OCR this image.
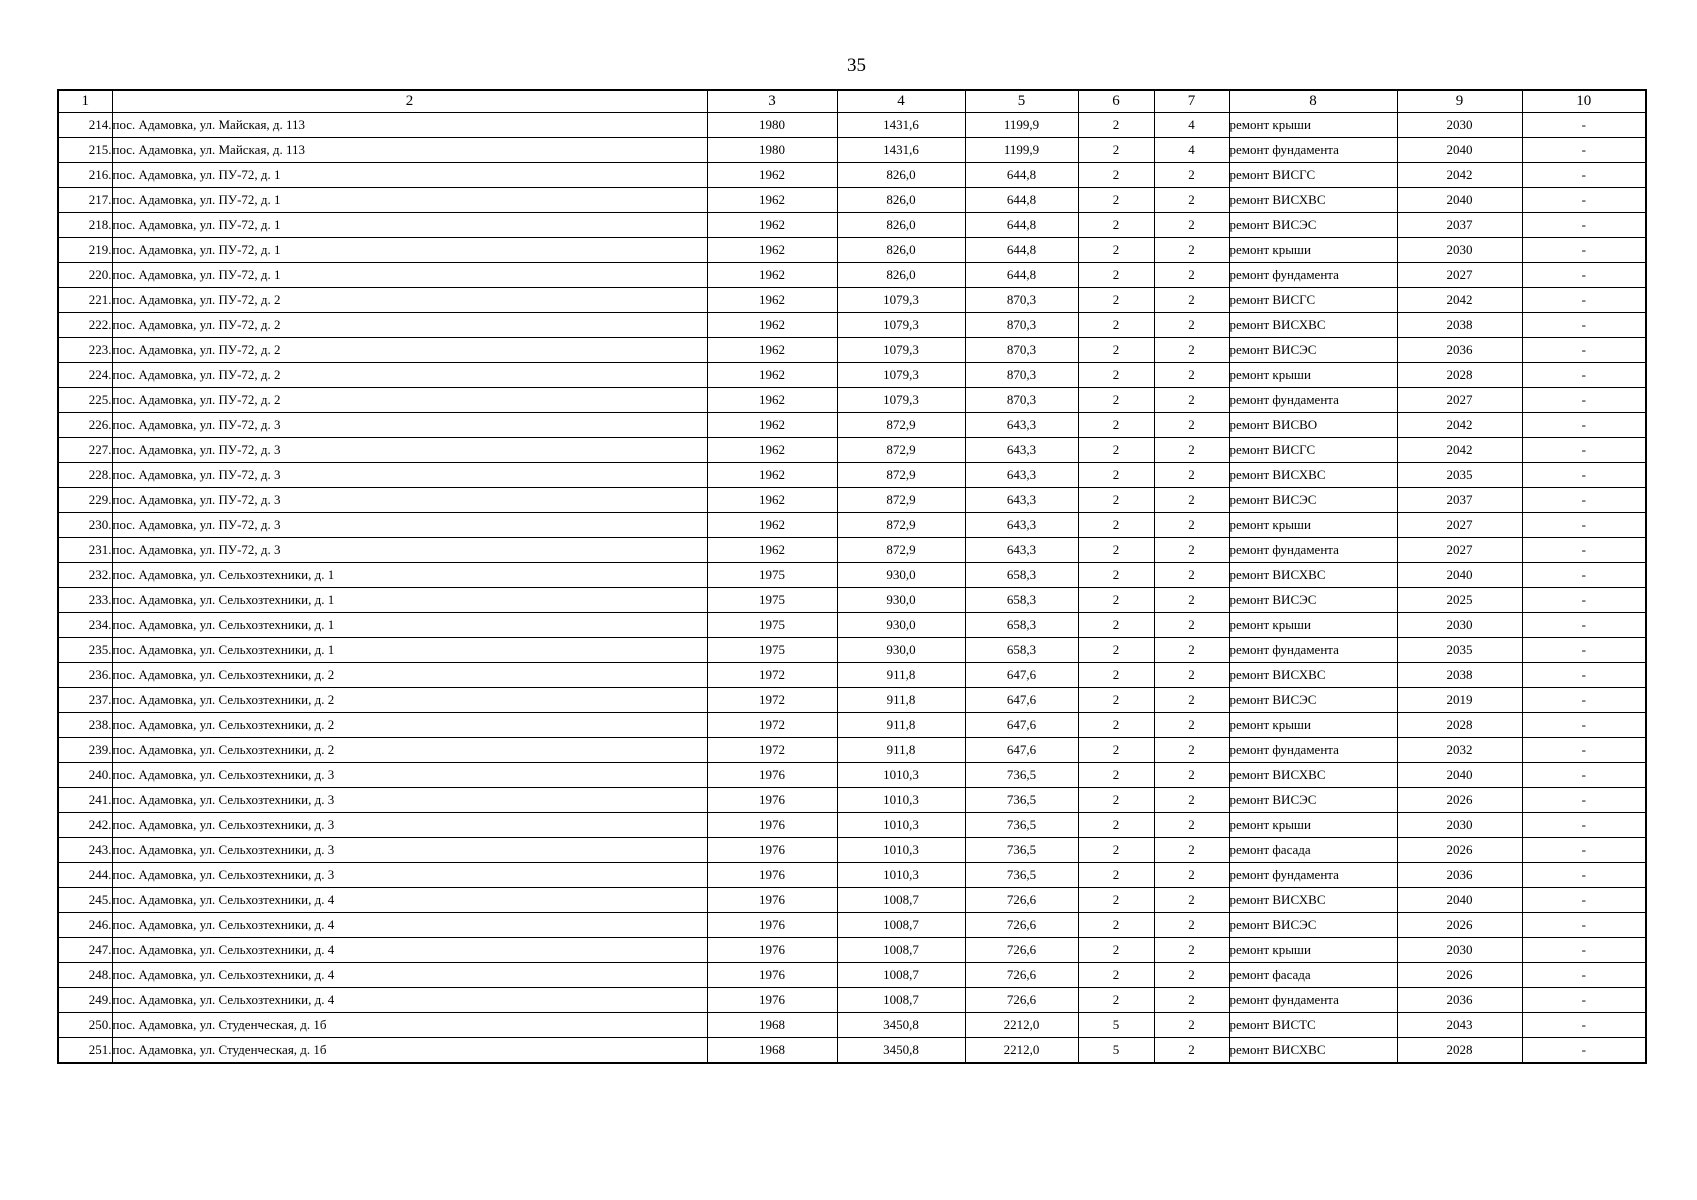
35
1	2	3	4	5	6	7	8	9	10
214.	пос. Адамовка, ул. Майская, д. 113	1980	1431,6	1199,9	2	4	ремонт крыши	2030	-
215.	пос. Адамовка, ул. Майская, д. 113	1980	1431,6	1199,9	2	4	ремонт фундамента	2040	-
216.	пос. Адамовка, ул. ПУ-72, д. 1	1962	826,0	644,8	2	2	ремонт ВИСГС	2042	-
217.	пос. Адамовка, ул. ПУ-72, д. 1	1962	826,0	644,8	2	2	ремонт ВИСХВС	2040	-
218.	пос. Адамовка, ул. ПУ-72, д. 1	1962	826,0	644,8	2	2	ремонт ВИСЭС	2037	-
219.	пос. Адамовка, ул. ПУ-72, д. 1	1962	826,0	644,8	2	2	ремонт крыши	2030	-
220.	пос. Адамовка, ул. ПУ-72, д. 1	1962	826,0	644,8	2	2	ремонт фундамента	2027	-
221.	пос. Адамовка, ул. ПУ-72, д. 2	1962	1079,3	870,3	2	2	ремонт ВИСГС	2042	-
222.	пос. Адамовка, ул. ПУ-72, д. 2	1962	1079,3	870,3	2	2	ремонт ВИСХВС	2038	-
223.	пос. Адамовка, ул. ПУ-72, д. 2	1962	1079,3	870,3	2	2	ремонт ВИСЭС	2036	-
224.	пос. Адамовка, ул. ПУ-72, д. 2	1962	1079,3	870,3	2	2	ремонт крыши	2028	-
225.	пос. Адамовка, ул. ПУ-72, д. 2	1962	1079,3	870,3	2	2	ремонт фундамента	2027	-
226.	пос. Адамовка, ул. ПУ-72, д. 3	1962	872,9	643,3	2	2	ремонт ВИСВО	2042	-
227.	пос. Адамовка, ул. ПУ-72, д. 3	1962	872,9	643,3	2	2	ремонт ВИСГС	2042	-
228.	пос. Адамовка, ул. ПУ-72, д. 3	1962	872,9	643,3	2	2	ремонт ВИСХВС	2035	-
229.	пос. Адамовка, ул. ПУ-72, д. 3	1962	872,9	643,3	2	2	ремонт ВИСЭС	2037	-
230.	пос. Адамовка, ул. ПУ-72, д. 3	1962	872,9	643,3	2	2	ремонт крыши	2027	-
231.	пос. Адамовка, ул. ПУ-72, д. 3	1962	872,9	643,3	2	2	ремонт фундамента	2027	-
232.	пос. Адамовка, ул. Сельхозтехники, д. 1	1975	930,0	658,3	2	2	ремонт ВИСХВС	2040	-
233.	пос. Адамовка, ул. Сельхозтехники, д. 1	1975	930,0	658,3	2	2	ремонт ВИСЭС	2025	-
234.	пос. Адамовка, ул. Сельхозтехники, д. 1	1975	930,0	658,3	2	2	ремонт крыши	2030	-
235.	пос. Адамовка, ул. Сельхозтехники, д. 1	1975	930,0	658,3	2	2	ремонт фундамента	2035	-
236.	пос. Адамовка, ул. Сельхозтехники, д. 2	1972	911,8	647,6	2	2	ремонт ВИСХВС	2038	-
237.	пос. Адамовка, ул. Сельхозтехники, д. 2	1972	911,8	647,6	2	2	ремонт ВИСЭС	2019	-
238.	пос. Адамовка, ул. Сельхозтехники, д. 2	1972	911,8	647,6	2	2	ремонт крыши	2028	-
239.	пос. Адамовка, ул. Сельхозтехники, д. 2	1972	911,8	647,6	2	2	ремонт фундамента	2032	-
240.	пос. Адамовка, ул. Сельхозтехники, д. 3	1976	1010,3	736,5	2	2	ремонт ВИСХВС	2040	-
241.	пос. Адамовка, ул. Сельхозтехники, д. 3	1976	1010,3	736,5	2	2	ремонт ВИСЭС	2026	-
242.	пос. Адамовка, ул. Сельхозтехники, д. 3	1976	1010,3	736,5	2	2	ремонт крыши	2030	-
243.	пос. Адамовка, ул. Сельхозтехники, д. 3	1976	1010,3	736,5	2	2	ремонт фасада	2026	-
244.	пос. Адамовка, ул. Сельхозтехники, д. 3	1976	1010,3	736,5	2	2	ремонт фундамента	2036	-
245.	пос. Адамовка, ул. Сельхозтехники, д. 4	1976	1008,7	726,6	2	2	ремонт ВИСХВС	2040	-
246.	пос. Адамовка, ул. Сельхозтехники, д. 4	1976	1008,7	726,6	2	2	ремонт ВИСЭС	2026	-
247.	пос. Адамовка, ул. Сельхозтехники, д. 4	1976	1008,7	726,6	2	2	ремонт крыши	2030	-
248.	пос. Адамовка, ул. Сельхозтехники, д. 4	1976	1008,7	726,6	2	2	ремонт фасада	2026	-
249.	пос. Адамовка, ул. Сельхозтехники, д. 4	1976	1008,7	726,6	2	2	ремонт фундамента	2036	-
250.	пос. Адамовка, ул. Студенческая, д. 1б	1968	3450,8	2212,0	5	2	ремонт ВИСТС	2043	-
251.	пос. Адамовка, ул. Студенческая, д. 1б	1968	3450,8	2212,0	5	2	ремонт ВИСХВС	2028	-
